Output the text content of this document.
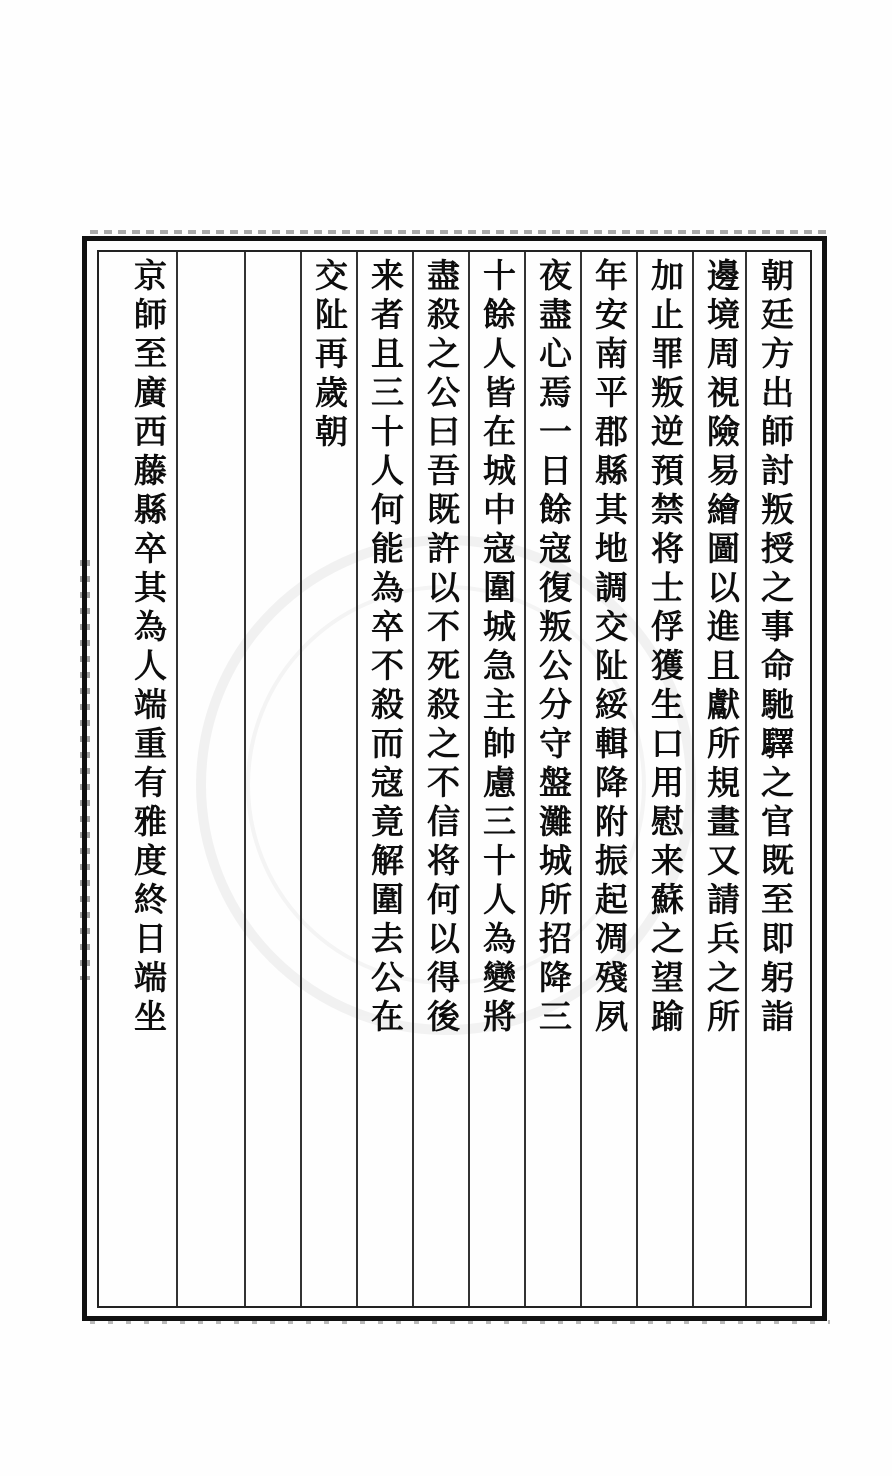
朝廷方出師討叛授之事命馳驛之官既至即躬詣
邊境周視險易繪圖以進且獻所規畫又請兵之所
加止罪叛逆預禁将士俘獲生口用慰来蘇之望踰
年安南平郡縣其地調交阯綏輯降附振起凋殘夙
夜盡心焉一日餘寇復叛公分守盤灘城所招降三
十餘人皆在城中寇圍城急主帥慮三十人為變將
盡殺之公曰吾既許以不死殺之不信将何以得後
来者且三十人何能為卒不殺而寇竟解圍去公在
交阯再歲朝
京師至廣西藤縣卒其為人端重有雅度終日端坐
